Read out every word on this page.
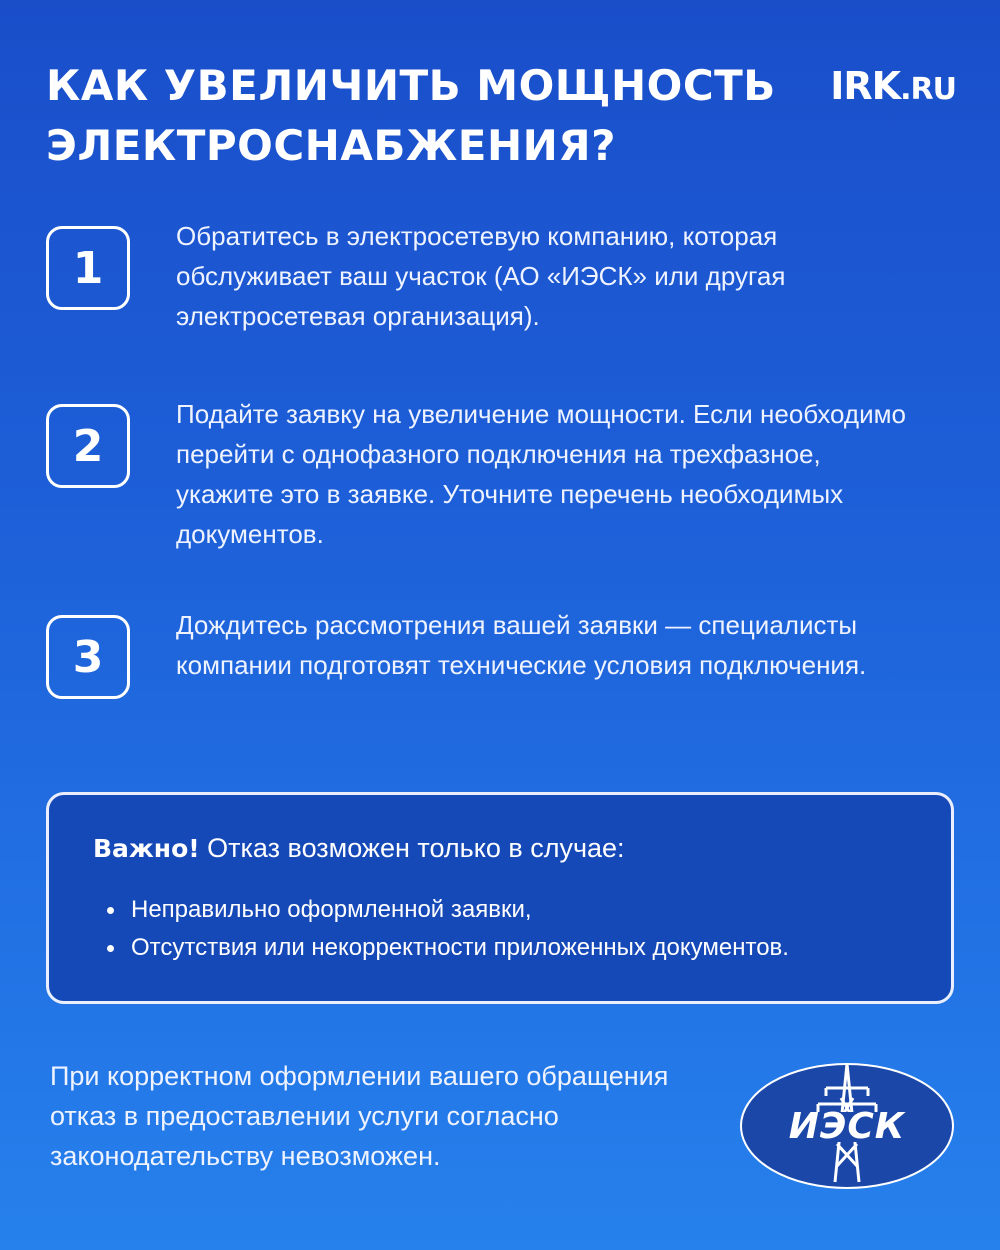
КАК УВЕЛИЧИТЬ МОЩНОСТЬ
ЭЛЕКТРОСНАБЖЕНИЯ?
IRK.RU
1

Обратитесь в электросетевую компанию, которая обслуживает ваш участок (АО «ИЭСК» или другая электросетевая организация).

2

Подайте заявку на увеличение мощности. Если необходимо перейти с однофазного подключения на трехфазное, укажите это в заявке. Уточните перечень необходимых документов.

3

Дождитесь рассмотрения вашей заявки — специалисты компании подготовят технические условия подключения.

Важно! Отказ возможен только в случае:

Неправильно оформленной заявки,
Отсутствия или некорректности приложенных документов.

При корректном оформлении вашего обращения отказ в предоставлении услуги согласно законодательству невозможен.

ИЭСК
